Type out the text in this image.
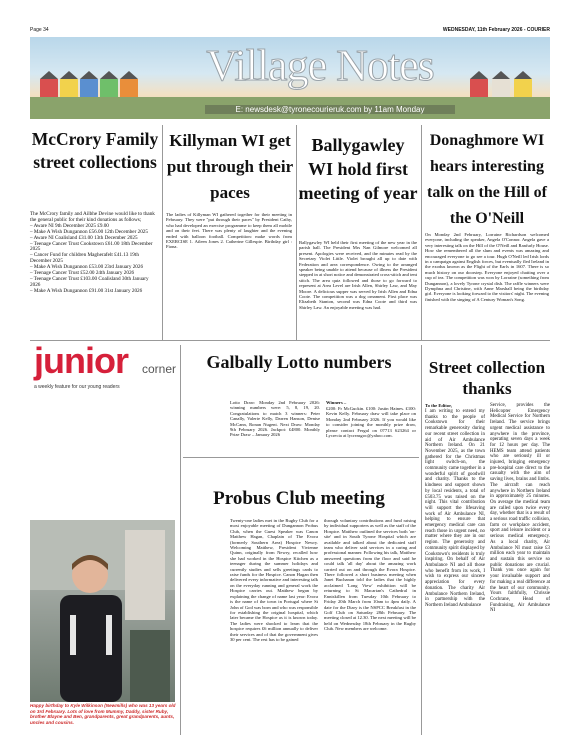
Page 34	WEDNESDAY, 11th February 2026 - COURIER
Village Notes
E: newsdesk@tyronecourieruk.com by 11am Monday
McCrory Family street collections
The McCrory family and Ailbhe Devine would like to thank the general public for their kind donations as follows;
– Aware NI 9th December 2025 £9.00
– Make A Wish Dungannon £56.00 12th December 2025
– Aware NI Coalisland £31.00 13th December 2025
– Teenage Cancer Trust Cookstown £61.00 18th December 2025
– Cancer Fund for children Magherafelt £41.13 19th December 2025
– Make A Wish Dungannon £53.00 23rd January 2026
– Teenage Cancer Trust £52.00 24th January 2026
– Teenage Cancer Trust £103.00 Coalisland 30th January 2026
– Make A Wish Dungannon £91.00 31st January 2026
Killyman WI get put through their paces
The ladies of Killyman WI gathered together for their meeting in February. They were "put through their paces" by President Cathy, who had developed an exercise programme to keep them all mobile and on their feet. There was plenty of laughter and the evening ended with balloon football. Competition: make words from EXERCISE 1. Aileen Jones 2. Catherine Gillespie. Birthday girl : Fiona.
Ballygawley WI hold first meeting of year
Ballygawley WI held their first meeting of the new year in the parish hall. The President Mrs Nan Gilmore welcomed all present. Apologies were received, and the minutes read by the Secretary Violet Little. Violet brought all up to date with Federation and area correspondence. Owing to the arranged speaker being unable to attend because of illness the President stepped in at short notice and demonstrated cross-stitch and tent stitch. The area quiz followed and those to go forward to represent at Area Level are Irish Allen, Shirley Law, and May Moore. A delicious supper was served by Irish Allen and Edna Coote. The competition was a dog ornament. First place was Elizabeth Stanton, second was Edna Coote and third was Shirley Law. An enjoyable meeting was had.
Donaghmore WI hears interesting talk on the Hill of the O'Neill
On Monday 2nd February, Lorraine Richardson welcomed everyone, including the speaker, Angela O'Connor. Angela gave a very interesting talk on the Hill of the O'Neill and Ranfurly House. How she remembered all the slum and events was amazing and encouraged everyone to go see a tour. Hugh O'Neill led Irish lords in a campaign against English forces, but eventually fled Ireland in the exodus known as the Flight of the Earls in 1607. There is so much history on our doorstep. Everyone enjoyed chatting over a cup of tea. The competition was won by Lorraine (something from Dungannon), a lovely Tyrone crystal dish. The raffle winners were Dymphna and Christine, with Anne Marshall being the birthday girl. Everyone is looking forward to the visitors' night. The evening finished with the singing of A Century Woman's Song.
junior corner
a weekly feature for our young readers
Happy birthday to Kyle Wilkinson (Newmills) who was 13 years old on 3rd February. Lots of love from Mummy, Daddy, sister Ruby, brother Blayne and Ben, grandparents, great grandparents, aunts, uncles and cousins.
Galbally Lotto numbers
Lotto Draw: Monday 2nd February 2026: winning numbers were: 5, 8, 19, 20. Congratulations to match 3 winners: Peter Canally, Valerie Kelly, Darren Hanson, Denise McCann, Ronan Nugent. Next Draw: Monday 9th February 2026. Jackpot: £4800. Monthly Prize Draw – January 2026
Winners –
£200: Fr McGuckin. £100: Justin Haines. £100: Kevin Kelly. February draw will take place on Monday 2nd February 2026. If you would like to consider joining the monthly prize draw, please contact Fergal on 07713 623264 or Lycrecia at lycreasgoc@yahoo.com.
Probus Club meeting
Twenty-one ladies met in the Rugby Club for a most enjoyable meeting of Dungannon Probus Club, when the Guest Speaker was Canon Matthew Hagan, Chaplain of The Evora (formerly Southern Area) Hospice Newry. Welcoming Matthew, President Vivienne Quinn, originally from Newry, recalled how she had worked in the Hospice Kitchen as a teenager during the summer holidays and currently studies and sells greetings cards to raise funds for the Hospice. Canon Hagan then delivered every informative and interesting talk on the everyday running and general work the Hospice carries out. Matthew began by explaining the change of name last year: Evora is the name of the town in Portugal where St John of God was born and who was responsible for establishing the original hospital, which later became the Hospice as it is known today. The ladies were shocked to learn that the hospice requires £6 million annually to deliver their services and of that the government gives 30 per cent. The rest has to be gained
through voluntary contributions and fund raising by individual supporters as well as the staff of the Hospice. Matthew outlined the services both 'on-site' and in South Tyrone Hospital which are available and talked about the dedicated staff team who deliver said services in a caring and professional manner. Following his talk, Matthew answered questions from the floor and said he could talk 'all day' about the amazing work carried out on and through the Evora Hospice. There followed a short business meeting when Janet Buchanan told the ladies that the highly acclaimed 'Long View' exhibition will be returning to St Macartan's Cathedral in Enniskillen from Tuesday 10th February to Friday 20th March from 10am to 4pm daily. A date for the Diary is the NSPCC Breakfast in the Golf Club on Saturday 28th February. The meeting closed at 12.30. The next meeting will be held on Wednesday 18th February in the Rugby Club. New members are welcome.
Street collection thanks
To the Editor,
I am writing to extend my thanks to the people of Cookstown for their remarkable generosity during our recent street collection in aid of Air Ambulance Northern Ireland. On 21 November 2025, as the town gathered for the Christmas light switch-on, the community came together in a wonderful spirit of goodwill and charity. Thanks to the kindness and support shown by local residents, a total of £503.75 was raised on the night. This vital contribution will support the lifesaving work of Air Ambulance NI, helping to ensure that emergency medical care can reach those in urgent need, no matter where they are in our region. The generosity and community spirit displayed by Cookstown's residents is truly inspiring. On behalf of Air Ambulance NI and all those who benefit from its work, I wish to express our sincere appreciation for every donation. The charity Air Ambulance Northern Ireland, in partnership with the Northern Ireland Ambulance
Service, provides the Helicopter Emergency Medical Service for Northern Ireland. The service brings urgent medical assistance to anywhere in the province, operating seven days a week for 12 hours per day. The HEMS team attend patients who are seriously ill or injured, bringing emergency pre-hospital care direct to the casualty with the aim of saving lives, brains and limbs. The aircraft can reach anywhere in Northern Ireland in approximately 25 minutes. On average the medical team are called upon twice every day, whether that is a result of a serious road traffic collision, farm or workplace accident, sport and leisure incident or a serious medical emergency. As a local charity, Air Ambulance NI must raise £3 million each year to maintain and sustain this service so public donations are crucial. Thank you once again for your invaluable support and for making a real difference at the heart of our community. Yours faithfully, Chrissie Cochrane, Head of Fundraising, Air Ambulance NI
